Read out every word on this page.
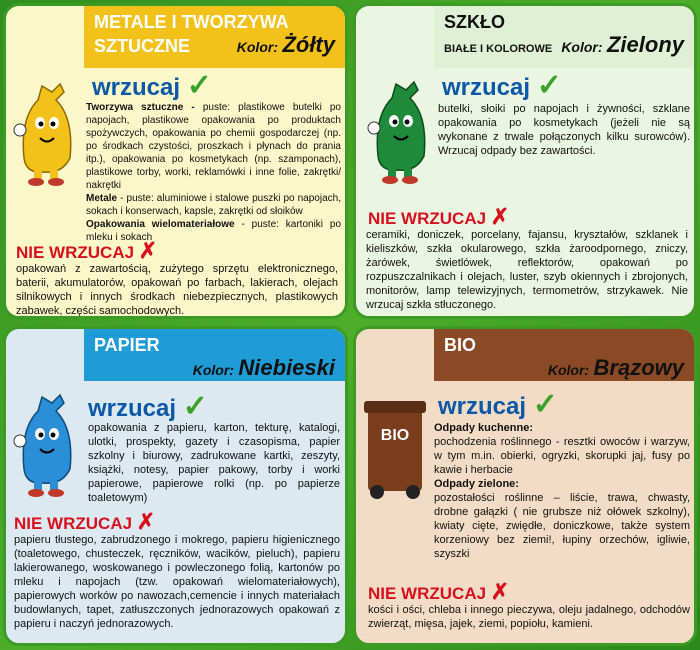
METALE I TWORZYWA
SZTUCZNE	Kolor: Żółty
wrzucaj ✓
Tworzywa sztuczne - puste: plastikowe butelki po napojach, plastikowe opakowania po produktach spożywczych, opakowania po chemii gospodarczej (np. po środkach czystości, proszkach i płynach do prania itp.), opakowania po kosmetykach (np. szamponach), plastikowe torby, worki, reklamówki i inne folie, zakrętki/ nakrętki
Metale - puste: aluminiowe i stalowe puszki po napojach, sokach i konserwach, kapsle, zakrętki od słoików
Opakowania wielomateriałowe - puste: kartoniki po mleku i sokach
NIE WRZUCAJ ✗
opakowań z zawartością, zużytego sprzętu elektronicznego, baterii, akumulatorów, opakowań po farbach, lakierach, olejach silnikowych i innych środkach niebezpiecznych, plastikowych zabawek, części samochodowych.
SZKŁO
BIAŁE I KOLOROWE Kolor: Zielony
wrzucaj ✓
butelki, słoiki po napojach i żywności, szklane opakowania po kosmetykach (jeżeli nie są wykonane z trwale połączonych kilku surowców). Wrzucaj odpady bez zawartości.
NIE WRZUCAJ ✗
ceramiki, doniczek, porcelany, fajansu, kryształów, szklanek i kieliszków, szkła okularowego, szkła żaroodpornego, zniczy, żarówek, świetlówek, reflektorów, opakowań po rozpuszczalnikach i olejach, luster, szyb okiennych i zbrojonych, monitorów, lamp telewizyjnych, termometrów, strzykawek. Nie wrzucaj szkła stłuczonego.
PAPIER
Kolor: Niebieski
wrzucaj ✓
opakowania z papieru, karton, tekturę, katalogi, ulotki, prospekty, gazety i czasopisma, papier szkolny i biurowy, zadrukowane kartki, zeszyty, książki, notesy, papier pakowy, torby i worki papierowe, papierowe rolki (np. po papierze toaletowym)
NIE WRZUCAJ ✗
papieru tłustego, zabrudzonego i mokrego, papieru higienicznego (toaletowego, chusteczek, ręczników, wacików, pieluch), papieru lakierowanego, woskowanego i powleczonego folią, kartonów po mleku i napojach (tzw. opakowań wielomateriałowych), papierowych worków po nawozach,cemencie i innych materiałach budowlanych, tapet, zatłuszczonych jednorazowych opakowań z papieru i naczyń jednorazowych.
BIO
Kolor: Brązowy
BIO
wrzucaj ✓
Odpady kuchenne:
pochodzenia roślinnego - resztki owoców i warzyw, w tym m.in. obierki, ogryzki, skorupki jaj, fusy po kawie i herbacie
Odpady zielone:
pozostałości roślinne – liście, trawa, chwasty, drobne gałązki ( nie grubsze niż ołówek szkolny), kwiaty cięte, zwiędłe, doniczkowe, także system korzeniowy bez ziemi!, łupiny orzechów, igliwie, szyszki
NIE WRZUCAJ ✗
kości i ości, chleba i innego pieczywa, oleju jadalnego, odchodów zwierząt, mięsa, jajek, ziemi, popiołu, kamieni.
